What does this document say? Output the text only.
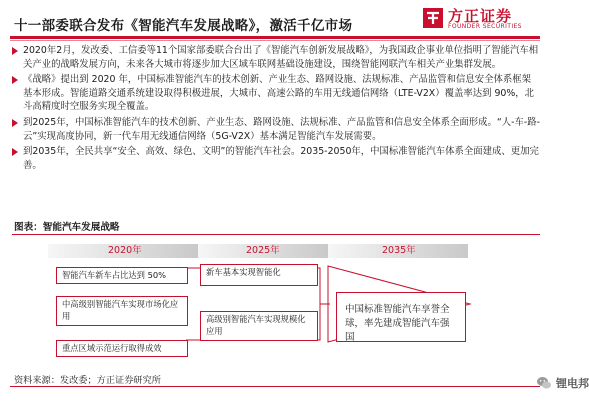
十一部委联合发布《智能汽车发展战略》，激活千亿市场
方正证券
FOUNDER SECURITIES
2020年2月，发改委、工信委等11个国家部委联合台出了《智能汽车创新发展战略》，为我国政企事业单位指明了智能汽车相关产业的战略发展方向，未来各大城市将逐步加大区域车联网基础设施建设，围绕智能网联汽车相关产业集群发展。
《战略》提出到 2020 年，中国标准智能汽车的技术创新、产业生态、路网设施、法规标准、产品监管和信息安全体系框架基本形成。智能道路交通系统建设取得积极进展，大城市、高速公路的车用无线通信网络（LTE-V2X）覆盖率达到 90%，北斗高精度时空服务实现全覆盖。
到2025年，中国标准智能汽车的技术创新、产业生态、路网设施、法规标准、产品监管和信息安全体系全面形成。“人-车-路-云”实现高度协同，新一代车用无线通信网络（5G-V2X）基本满足智能汽车发展需要。
到2035年，全民共享“安全、高效、绿色、文明”的智能汽车社会。2035-2050年，中国标准智能汽车体系全面建成、更加完善。
图表：智能汽车发展战略
2020年	2025年	2035年
智能汽车新车占比达到 50%
中高级别智能汽车实现市场化应用
重点区域示范运行取得成效
新车基本实现智能化
高级别智能汽车实现规模化应用
中国标准智能汽车享誉全球，率先建成智能汽车强国
资料来源：发改委；方正证券研究所	锂电邦
